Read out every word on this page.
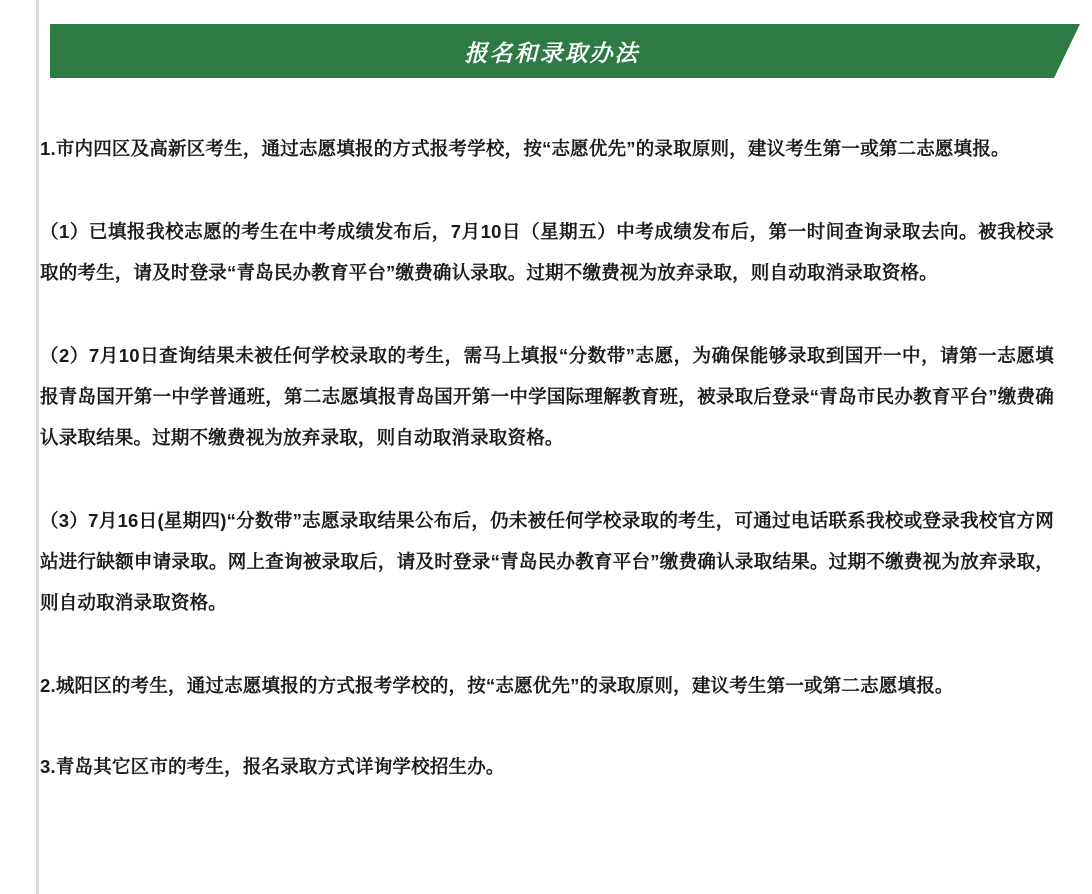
报名和录取办法

1.市内四区及高新区考生，通过志愿填报的方式报考学校，按“志愿优先”的录取原则，建议考生第一或第二志愿填报。

（1）已填报我校志愿的考生在中考成绩发布后，7月10日（星期五）中考成绩发布后，第一时间查询录取去向。被我校录取的考生，请及时登录“青岛民办教育平台”缴费确认录取。过期不缴费视为放弃录取，则自动取消录取资格。

（2）7月10日查询结果未被任何学校录取的考生，需马上填报“分数带”志愿，为确保能够录取到国开一中，请第一志愿填报青岛国开第一中学普通班，第二志愿填报青岛国开第一中学国际理解教育班，被录取后登录“青岛市民办教育平台”缴费确认录取结果。过期不缴费视为放弃录取，则自动取消录取资格。

（3）7月16日(星期四)“分数带”志愿录取结果公布后，仍未被任何学校录取的考生，可通过电话联系我校或登录我校官方网站进行缺额申请录取。网上查询被录取后，请及时登录“青岛民办教育平台”缴费确认录取结果。过期不缴费视为放弃录取，则自动取消录取资格。

2.城阳区的考生，通过志愿填报的方式报考学校的，按“志愿优先”的录取原则，建议考生第一或第二志愿填报。

3.青岛其它区市的考生，报名录取方式详询学校招生办。
